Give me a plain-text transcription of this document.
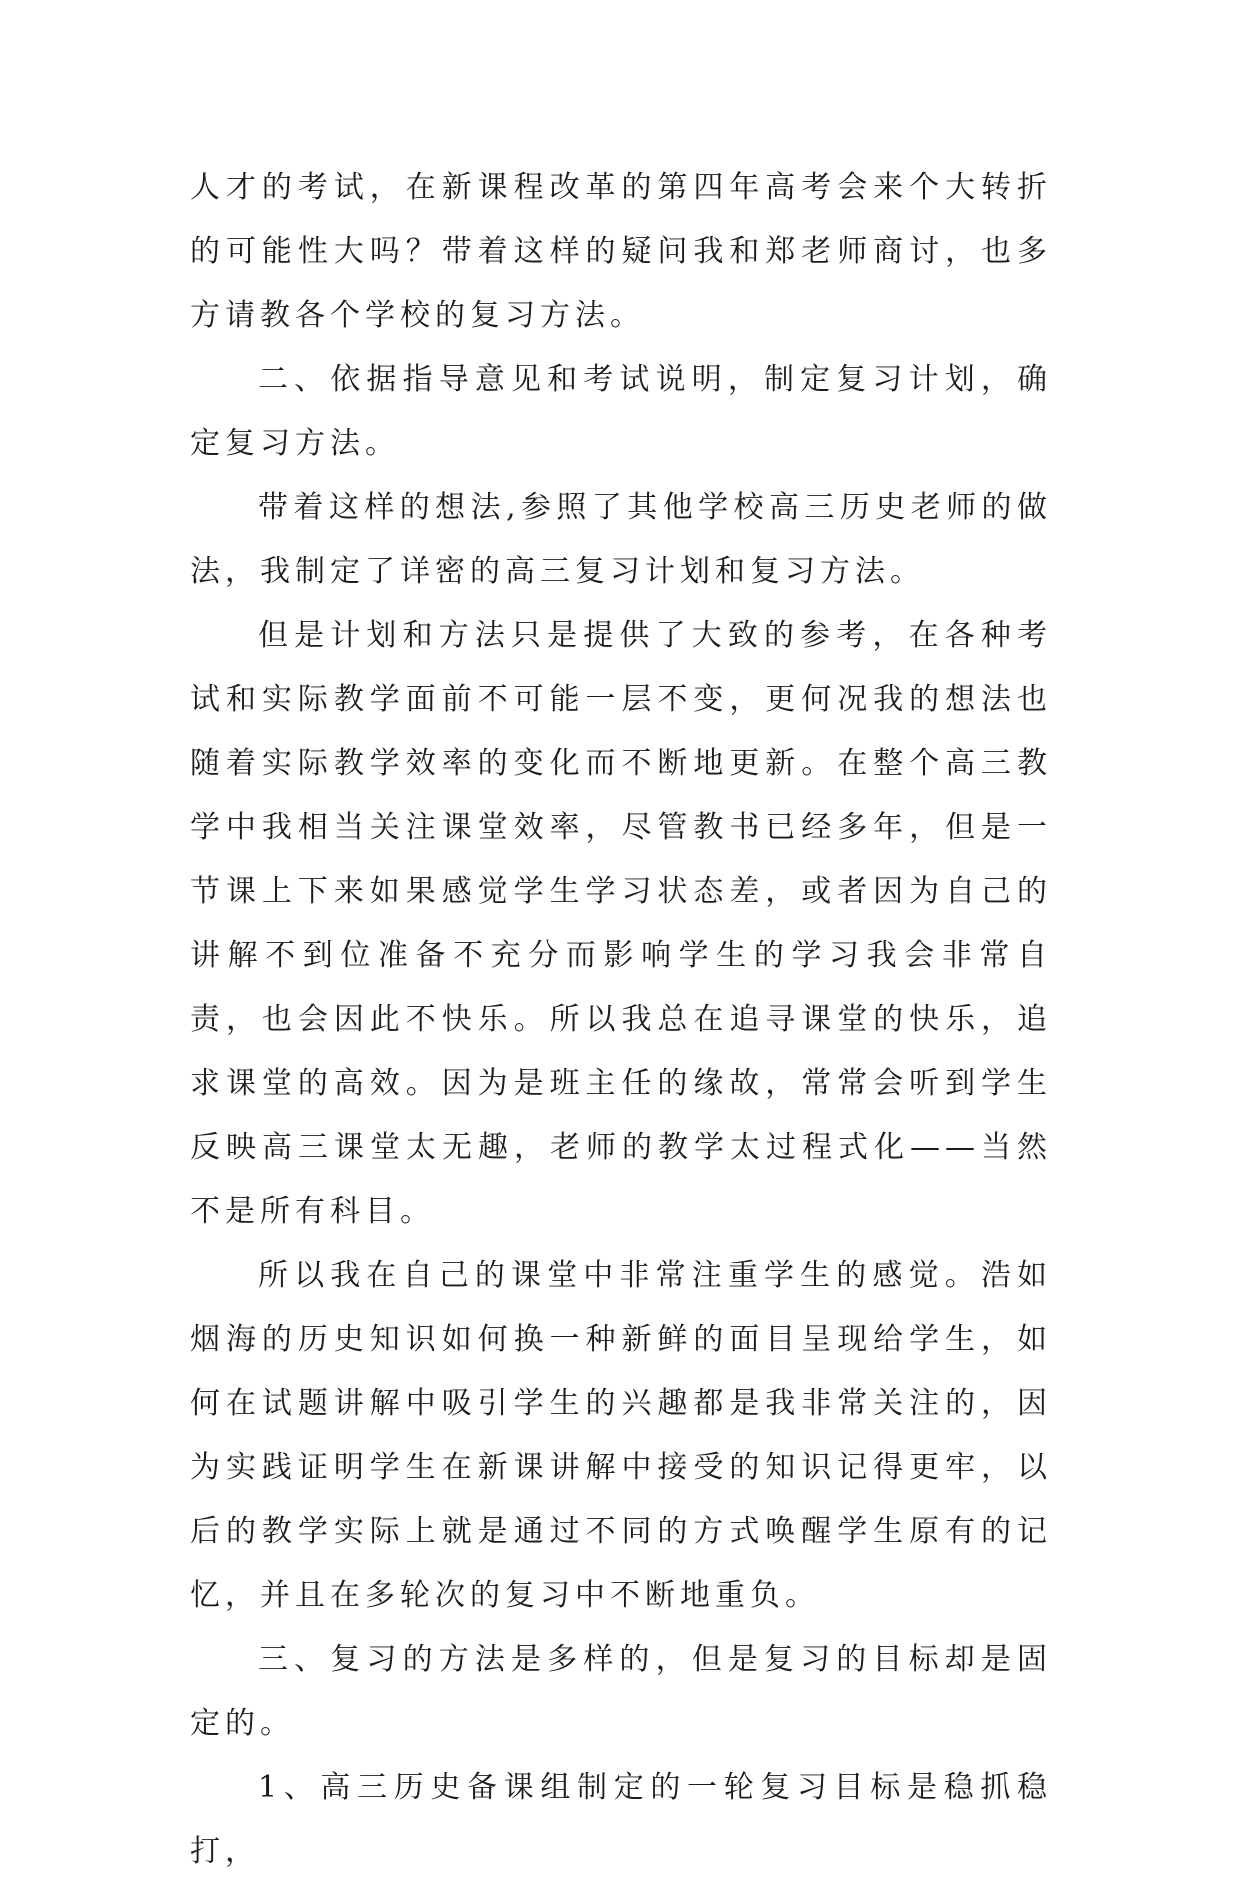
人才的考试，在新课程改革的第四年高考会来个大转折的可能性大吗？带着这样的疑问我和郑老师商讨，也多方请教各个学校的复习方法。

二、依据指导意见和考试说明，制定复习计划，确定复习方法。

带着这样的想法,参照了其他学校高三历史老师的做法，我制定了详密的高三复习计划和复习方法。

但是计划和方法只是提供了大致的参考，在各种考试和实际教学面前不可能一层不变，更何况我的想法也随着实际教学效率的变化而不断地更新。在整个高三教学中我相当关注课堂效率，尽管教书已经多年，但是一节课上下来如果感觉学生学习状态差，或者因为自己的讲解不到位准备不充分而影响学生的学习我会非常自责，也会因此不快乐。所以我总在追寻课堂的快乐，追求课堂的高效。因为是班主任的缘故，常常会听到学生反映高三课堂太无趣，老师的教学太过程式化——当然不是所有科目。

所以我在自己的课堂中非常注重学生的感觉。浩如烟海的历史知识如何换一种新鲜的面目呈现给学生，如何在试题讲解中吸引学生的兴趣都是我非常关注的，因为实践证明学生在新课讲解中接受的知识记得更牢，以后的教学实际上就是通过不同的方式唤醒学生原有的记忆，并且在多轮次的复习中不断地重负。

三、复习的方法是多样的，但是复习的目标却是固定的。

1、高三历史备课组制定的一轮复习目标是稳抓稳打，
